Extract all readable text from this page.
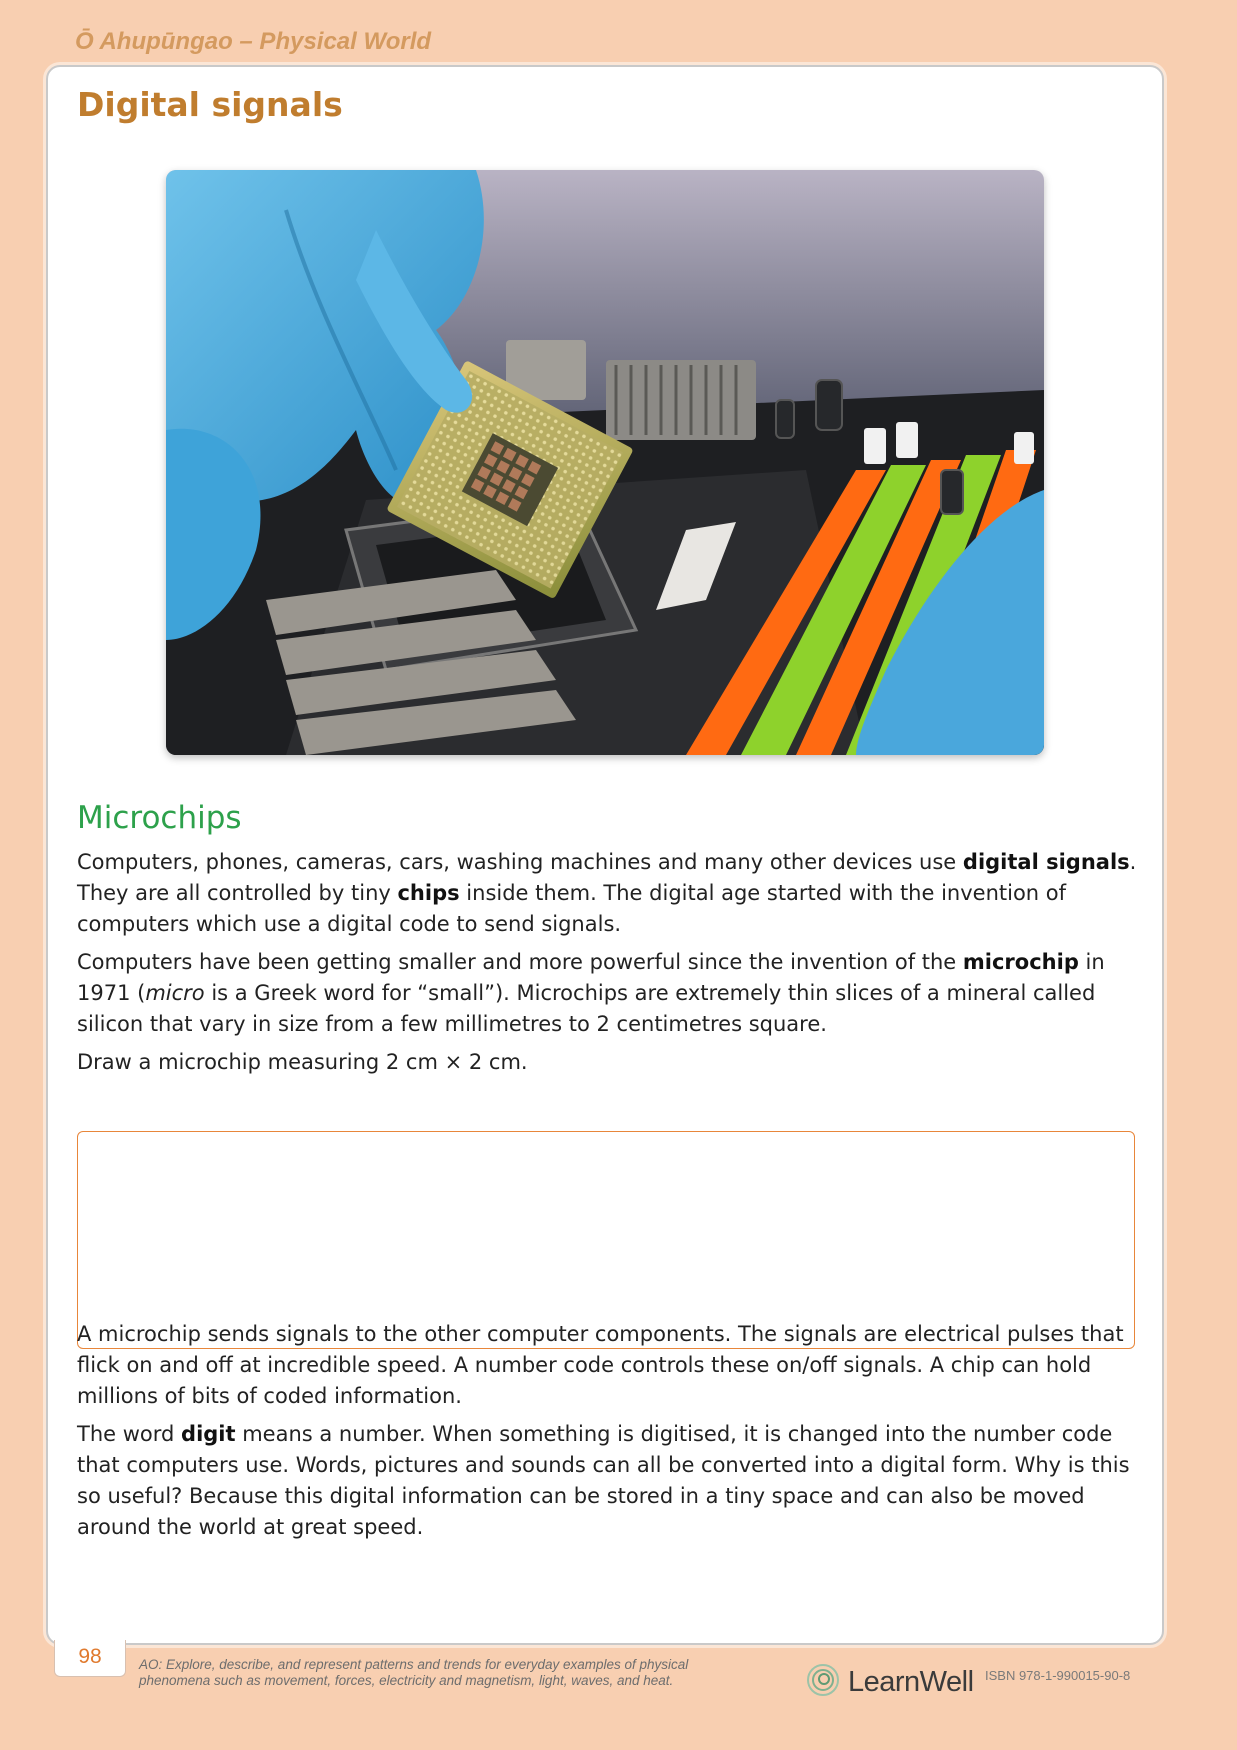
Ō Ahupūngao – Physical World
Digital signals
Microchips

Computers, phones, cameras, cars, washing machines and many other devices use digital signals. They are all controlled by tiny chips inside them. The digital age started with the invention of computers which use a digital code to send signals.

Computers have been getting smaller and more powerful since the invention of the microchip in 1971 (micro is a Greek word for “small”). Microchips are extremely thin slices of a mineral called silicon that vary in size from a few millimetres to 2 centimetres square.

Draw a microchip measuring 2 cm × 2 cm.

A microchip sends signals to the other computer components. The signals are electrical pulses that flick on and off at incredible speed. A number code controls these on/off signals. A chip can hold millions of bits of coded information.

The word digit means a number. When something is digitised, it is changed into the number code that computers use. Words, pictures and sounds can all be converted into a digital form. Why is this so useful? Because this digital information can be stored in a tiny space and can also be moved around the world at great speed.

98	AO: Explore, describe, and represent patterns and trends for everyday examples of physical phenomena such as movement, forces, electricity and magnetism, light, waves, and heat.	LearnWell ISBN 978-1-990015-90-8
